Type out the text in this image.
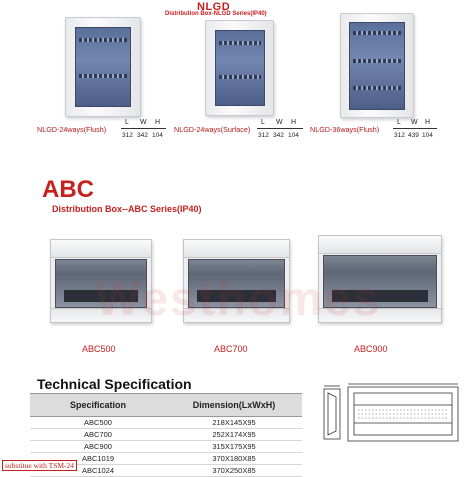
NLGD
Distribution Box-NLGD Series(IP40)
NLGD-24ways(Flush)
L W H
312 342 104
NLGD-24ways(Surface)
L W H
312 342 104
NLGD-36ways(Flush)
L W H
312 439 104
ABC
Distribution Box--ABC Series(IP40)
Westhomes
ABC500	ABC700	ABC900
Technical Specification
Specification	Dimension(LxWxH)
ABC500	218X145X95
ABC700	252X174X95
ABC900	315X175X95
ABC1019	370X180X85
ABC1024	370X250X85
substitue with TSM-24
